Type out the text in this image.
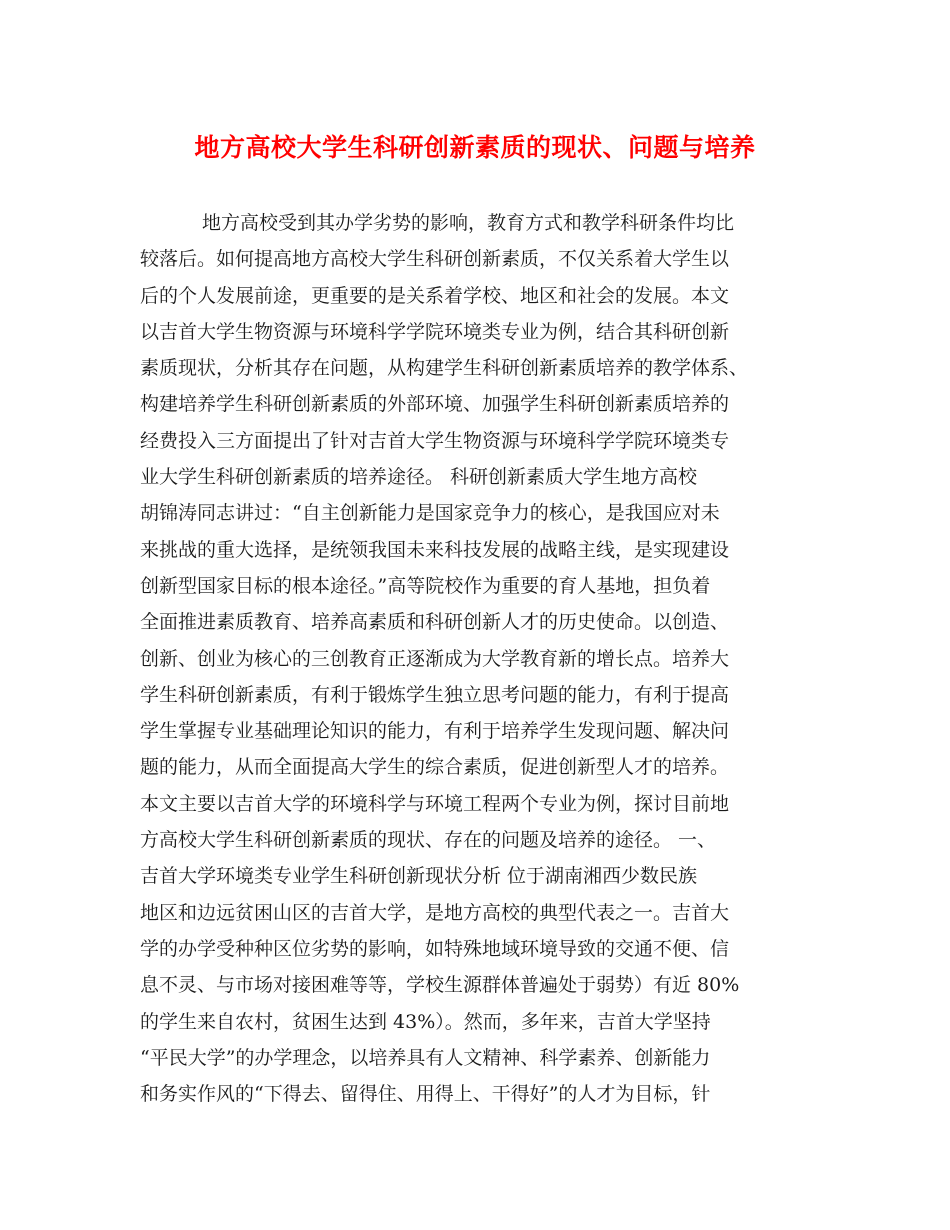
地方高校大学生科研创新素质的现状、问题与培养
地方高校受到其办学劣势的影响，教育方式和教学科研条件均比
较落后。如何提高地方高校大学生科研创新素质，不仅关系着大学生以
后的个人发展前途，更重要的是关系着学校、地区和社会的发展。本文
以吉首大学生物资源与环境科学学院环境类专业为例，结合其科研创新
素质现状，分析其存在问题，从构建学生科研创新素质培养的教学体系、
构建培养学生科研创新素质的外部环境、加强学生科研创新素质培养的
经费投入三方面提出了针对吉首大学生物资源与环境科学学院环境类专
业大学生科研创新素质的培养途径。 科研创新素质大学生地方高校
胡锦涛同志讲过：“自主创新能力是国家竞争力的核心，是我国应对未
来挑战的重大选择，是统领我国未来科技发展的战略主线，是实现建设
创新型国家目标的根本途径。”高等院校作为重要的育人基地，担负着
全面推进素质教育、培养高素质和科研创新人才的历史使命。以创造、
创新、创业为核心的三创教育正逐渐成为大学教育新的增长点。培养大
学生科研创新素质，有利于锻炼学生独立思考问题的能力，有利于提高
学生掌握专业基础理论知识的能力，有利于培养学生发现问题、解决问
题的能力，从而全面提高大学生的综合素质，促进创新型人才的培养。
本文主要以吉首大学的环境科学与环境工程两个专业为例，探讨目前地
方高校大学生科研创新素质的现状、存在的问题及培养的途径。 一、
吉首大学环境类专业学生科研创新现状分析 位于湖南湘西少数民族
地区和边远贫困山区的吉首大学，是地方高校的典型代表之一。吉首大
学的办学受种种区位劣势的影响，如特殊地域环境导致的交通不便、信
息不灵、与市场对接困难等等，学校生源群体普遍处于弱势）有近 80%
的学生来自农村，贫困生达到 43%）。然而，多年来，吉首大学坚持
“平民大学”的办学理念，以培养具有人文精神、科学素养、创新能力
和务实作风的“下得去、留得住、用得上、干得好”的人才为目标，针
